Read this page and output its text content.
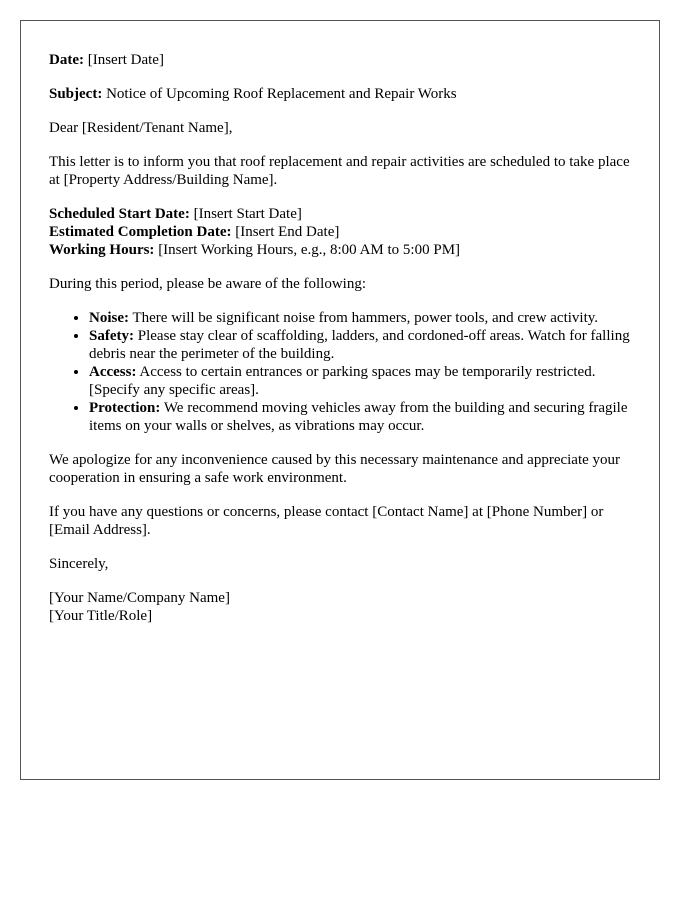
Date: [Insert Date]

Subject: Notice of Upcoming Roof Replacement and Repair Works

Dear [Resident/Tenant Name],

This letter is to inform you that roof replacement and repair activities are scheduled to take place at [Property Address/Building Name].

Scheduled Start Date: [Insert Start Date]

Estimated Completion Date: [Insert End Date]

Working Hours: [Insert Working Hours, e.g., 8:00 AM to 5:00 PM]

During this period, please be aware of the following:

• Noise: There will be significant noise from hammers, power tools, and crew activity.
• Safety: Please stay clear of scaffolding, ladders, and cordoned-off areas. Watch for falling debris near the perimeter of the building.
• Access: Access to certain entrances or parking spaces may be temporarily restricted. [Specify any specific areas].
• Protection: We recommend moving vehicles away from the building and securing fragile items on your walls or shelves, as vibrations may occur.

We apologize for any inconvenience caused by this necessary maintenance and appreciate your cooperation in ensuring a safe work environment.

If you have any questions or concerns, please contact [Contact Name] at [Phone Number] or [Email Address].

Sincerely,

[Your Name/Company Name]

[Your Title/Role]
